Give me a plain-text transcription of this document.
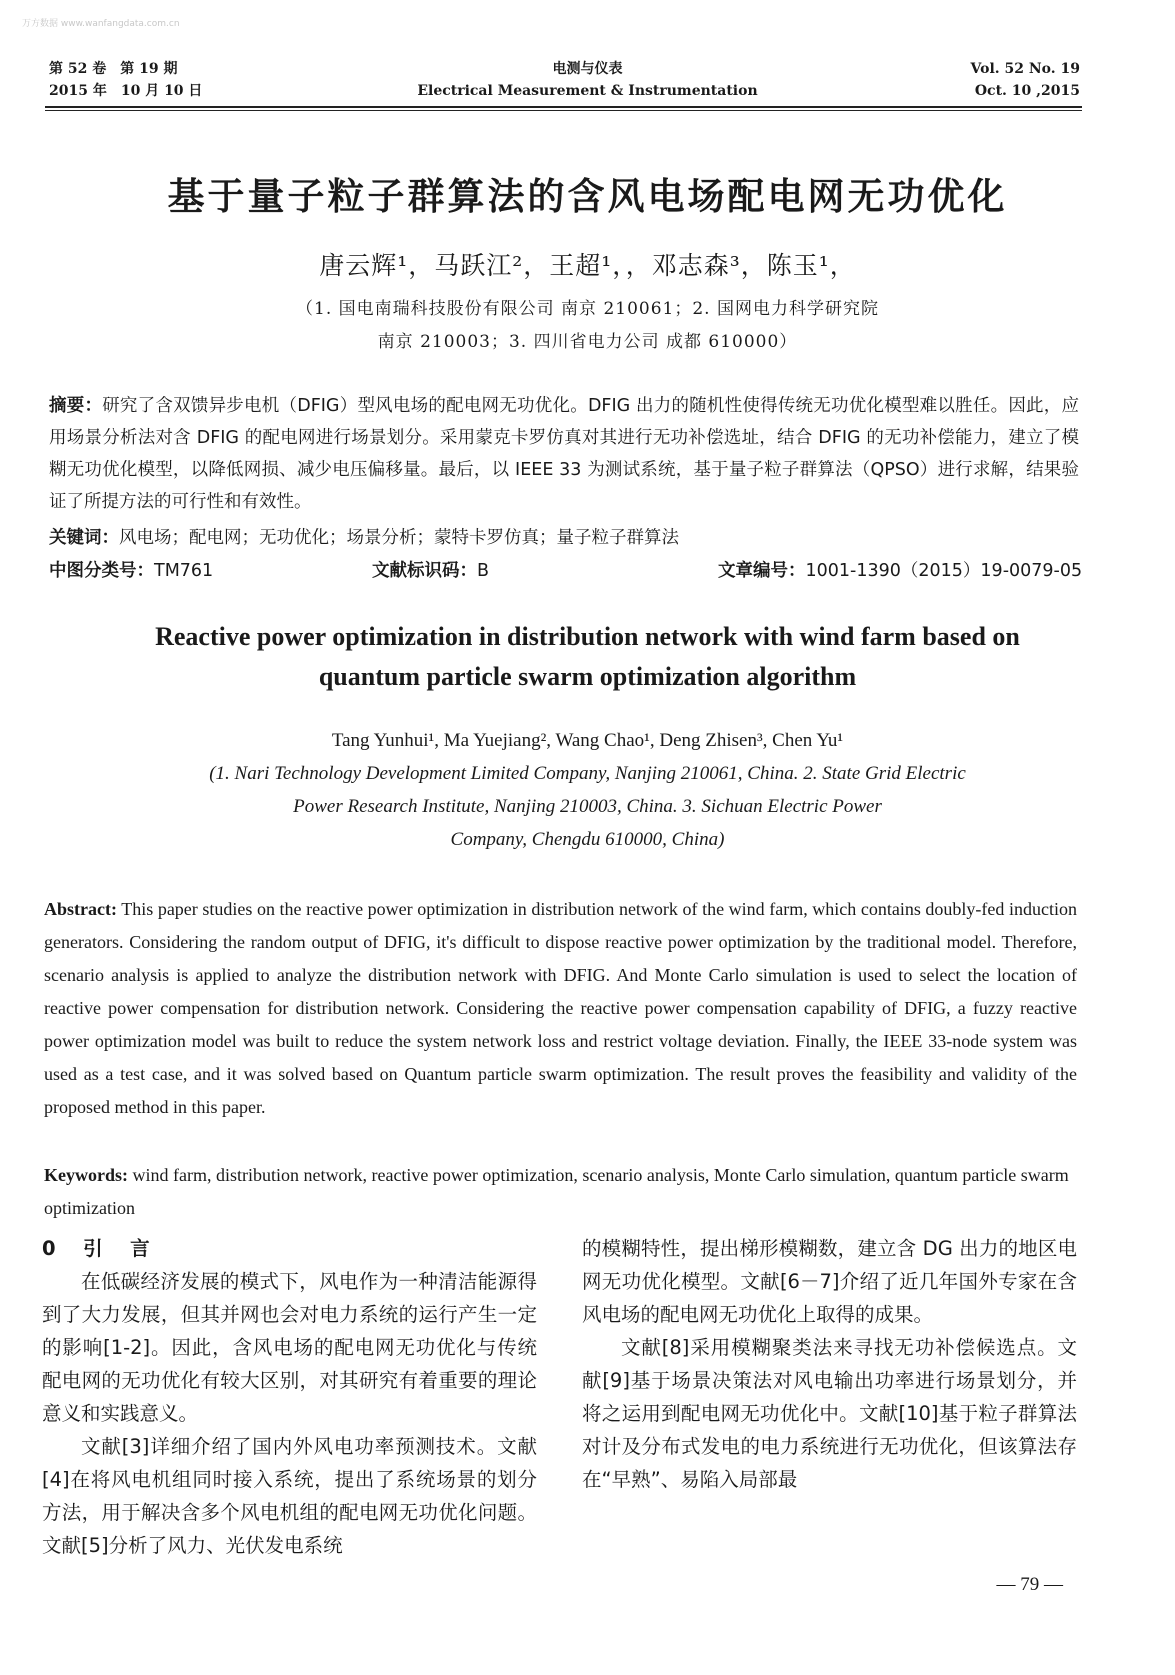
万方数据 www.wanfangdata.com.cn
第 52 卷　第 19 期
2015 年　10 月 10 日
电测与仪表
Electrical Measurement & Instrumentation
Vol. 52 No. 19
Oct. 10 ,2015
基于量子粒子群算法的含风电场配电网无功优化
唐云辉¹，马跃江²，王超¹，，邓志森³，陈玉¹，
（1. 国电南瑞科技股份有限公司 南京 210061；2. 国网电力科学研究院
南京 210003；3. 四川省电力公司 成都 610000）
摘要：研究了含双馈异步电机（DFIG）型风电场的配电网无功优化。DFIG 出力的随机性使得传统无功优化模型难以胜任。因此，应用场景分析法对含 DFIG 的配电网进行场景划分。采用蒙克卡罗仿真对其进行无功补偿选址，结合 DFIG 的无功补偿能力，建立了模糊无功优化模型，以降低网损、减少电压偏移量。最后，以 IEEE 33 为测试系统，基于量子粒子群算法（QPSO）进行求解，结果验证了所提方法的可行性和有效性。
关键词：风电场；配电网；无功优化；场景分析；蒙特卡罗仿真；量子粒子群算法
中图分类号：TM761	文献标识码：B	文章编号：1001-1390（2015）19-0079-05
Reactive power optimization in distribution network with wind farm based on
quantum particle swarm optimization algorithm
Tang Yunhui¹, Ma Yuejiang², Wang Chao¹, Deng Zhisen³, Chen Yu¹
(1. Nari Technology Development Limited Company, Nanjing 210061, China. 2. State Grid Electric
Power Research Institute, Nanjing 210003, China. 3. Sichuan Electric Power
Company, Chengdu 610000, China)
Abstract: This paper studies on the reactive power optimization in distribution network of the wind farm, which contains doubly-fed induction generators. Considering the random output of DFIG, it's difficult to dispose reactive power optimization by the traditional model. Therefore, scenario analysis is applied to analyze the distribution network with DFIG. And Monte Carlo simulation is used to select the location of reactive power compensation for distribution network. Considering the reactive power compensation capability of DFIG, a fuzzy reactive power optimization model was built to reduce the system network loss and restrict voltage deviation. Finally, the IEEE 33-node system was used as a test case, and it was solved based on Quantum particle swarm optimization. The result proves the feasibility and validity of the proposed method in this paper.
Keywords: wind farm, distribution network, reactive power optimization, scenario analysis, Monte Carlo simulation, quantum particle swarm optimization

0　引　言

在低碳经济发展的模式下，风电作为一种清洁能源得到了大力发展，但其并网也会对电力系统的运行产生一定的影响[1-2]。因此，含风电场的配电网无功优化与传统配电网的无功优化有较大区别，对其研究有着重要的理论意义和实践意义。

文献[3]详细介绍了国内外风电功率预测技术。文献[4]在将风电机组同时接入系统，提出了系统场景的划分方法，用于解决含多个风电机组的配电网无功优化问题。文献[5]分析了风力、光伏发电系统

的模糊特性，提出梯形模糊数，建立含 DG 出力的地区电网无功优化模型。文献[6－7]介绍了近几年国外专家在含风电场的配电网无功优化上取得的成果。

文献[8]采用模糊聚类法来寻找无功补偿候选点。文献[9]基于场景决策法对风电输出功率进行场景划分，并将之运用到配电网无功优化中。文献[10]基于粒子群算法对计及分布式发电的电力系统进行无功优化，但该算法存在“早熟”、易陷入局部最

— 79 —
